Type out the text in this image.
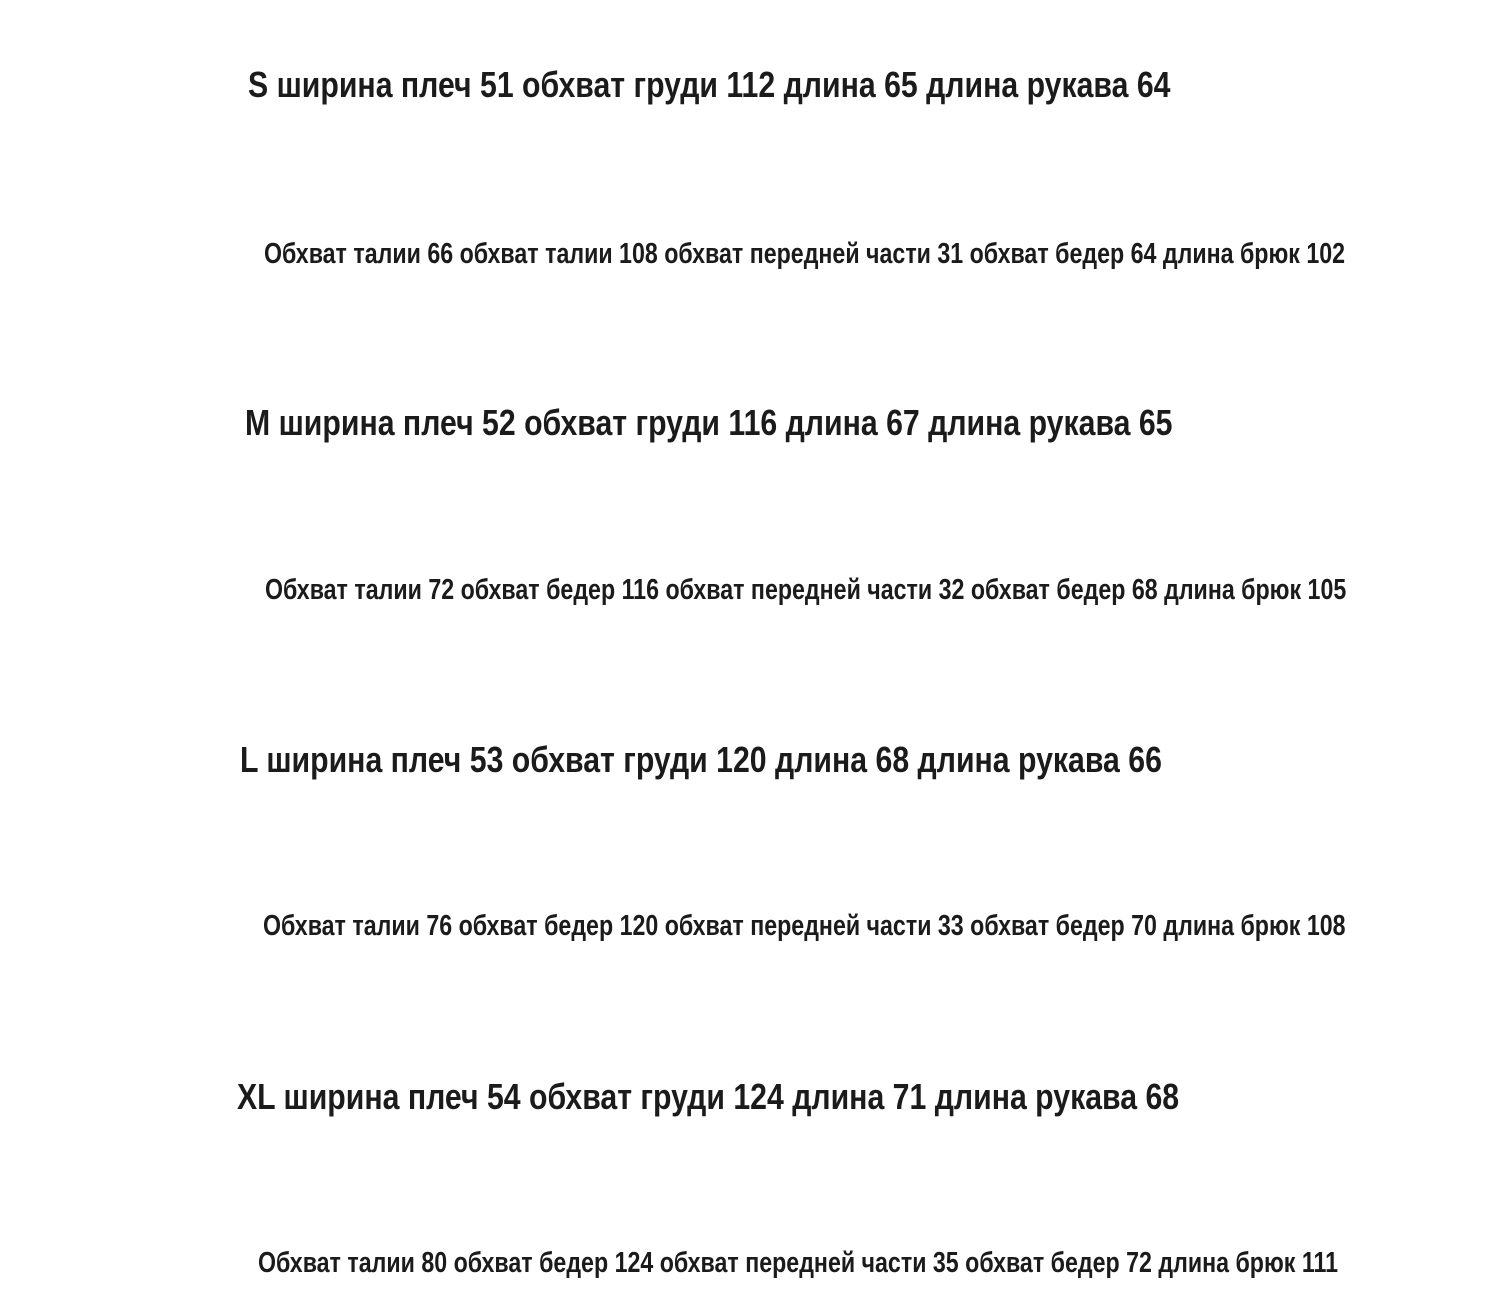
S ширина плеч 51 обхват груди 112 длина 65 длина рукава 64
Обхват талии 66 обхват талии 108 обхват передней части 31 обхват бедер 64 длина брюк 102
M ширина плеч 52 обхват груди 116 длина 67 длина рукава 65
Обхват талии 72 обхват бедер 116 обхват передней части 32 обхват бедер 68 длина брюк 105
L ширина плеч 53 обхват груди 120 длина 68 длина рукава 66
Обхват талии 76 обхват бедер 120 обхват передней части 33 обхват бедер 70 длина брюк 108
XL ширина плеч 54 обхват груди 124 длина 71 длина рукава 68
Обхват талии 80 обхват бедер 124 обхват передней части 35 обхват бедер 72 длина брюк 111
